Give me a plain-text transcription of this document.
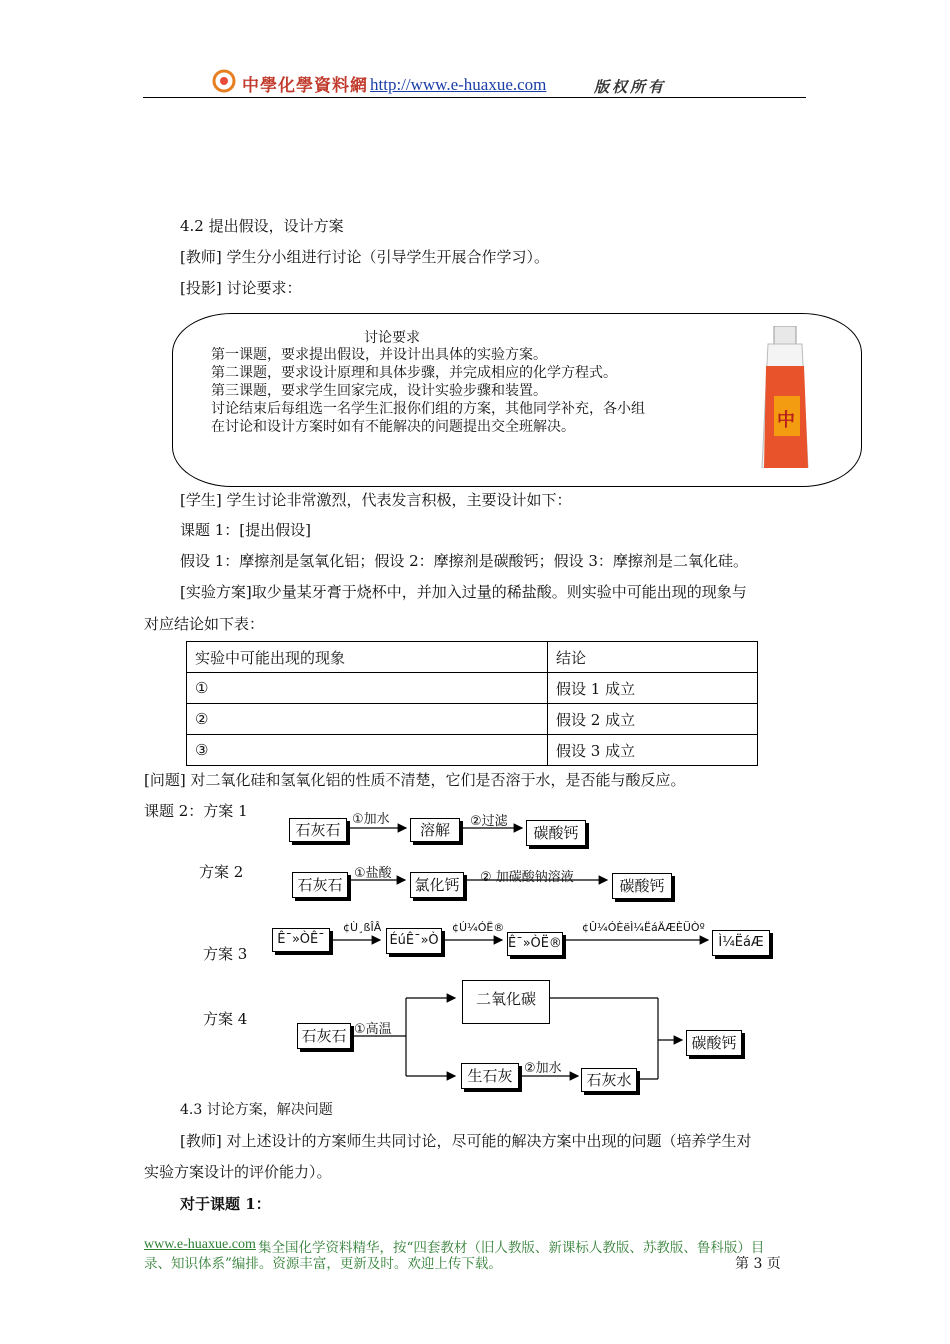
中學化學資料網 http://www.e-huaxue.com	版权所有
4.2 提出假设，设计方案
[教师] 学生分小组进行讨论（引导学生开展合作学习）。
[投影] 讨论要求：
讨论要求
第一课题，要求提出假设，并设计出具体的实验方案。
第二课题，要求设计原理和具体步骤，并完成相应的化学方程式。
第三课题，要求学生回家完成，设计实验步骤和装置。
讨论结束后每组选一名学生汇报你们组的方案，其他同学补充，各小组
在讨论和设计方案时如有不能解决的问题提出交全班解决。	中
[学生] 学生讨论非常激烈，代表发言积极，主要设计如下：
课题 1：[提出假设]
假设 1：摩擦剂是氢氧化铝；假设 2：摩擦剂是碳酸钙；假设 3：摩擦剂是二氧化硅。
[实验方案]取少量某牙膏于烧杯中，并加入过量的稀盐酸。则实验中可能出现的现象与
对应结论如下表：
实验中可能出现的现象	结论
①	假设 1 成立
②	假设 2 成立
③	假设 3 成立
[问题] 对二氧化硅和氢氧化铝的性质不清楚，它们是否溶于水，是否能与酸反应。
课题 2：方案 1
方案 2
方案 3
方案 4
石灰石
①加水
溶解	②过滤
碳酸钙
石灰石
①盐酸
氯化钙	② 加碳酸钠溶液	碳酸钙
Ê¯»ÒÊ¯
¢Ù¸ßÎÂ
ÉúÊ¯»Ò
¢Ú¼ÓË®
Ê¯»ÒË®
¢Û¼ÓÈëÌ¼ËáÄÆÈÜÒº
Ì¼ËáÆ
石灰石 ①高温
二氧化碳
生石灰 ②加水
石灰水
碳酸钙
4.3 讨论方案，解决问题
[教师] 对上述设计的方案师生共同讨论，尽可能的解决方案中出现的问题（培养学生对
实验方案设计的评价能力）。
对于课题 1：
www.e-huaxue.com 集全国化学资料精华，按“四套教材（旧人教版、新课标人教版、苏教版、鲁科版）目
录、知识体系”编排。资源丰富，更新及时。欢迎上传下载。	第 3 页
